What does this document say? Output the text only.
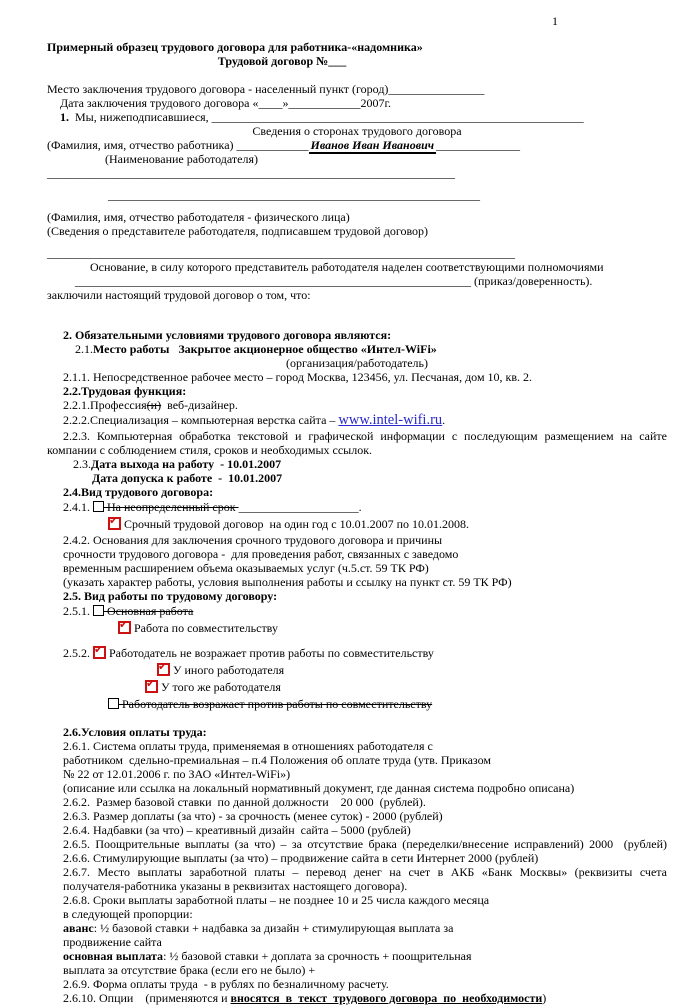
1
Примерный образец трудового договора для работника-«надомника»
Трудовой договор №___
Место заключения трудового договора - населенный пункт (город)________________
Дата заключения трудового договора «____»____________2007г.
1.  Мы, нижеподписавшиеся, ______________________________________________________________
Сведения о сторонах трудового договора
(Фамилия, имя, отчество работника) ____________ Иванов Иван Иванович ______________
(Наименование работодателя) ____________________________________________________________________
______________________________________________________________
(Фамилия, имя, отчество работодателя - физического лица)
(Сведения о представителе работодателя, подписавшем трудовой договор)
______________________________________________________________________________
Основание, в силу которого представитель работодателя наделен соответствующими полномочиями
__________________________________________________________________ (приказ/доверенность).
заключили настоящий трудовой договор о том, что:
2. Обязательными условиями трудового договора являются:
2.1.Место работы   Закрытое акционерное общество «Интел-WiFi»
(организация/работодатель)
2.1.1. Непосредственное рабочее место – город Москва, 123456, ул. Песчаная, дом 10, кв. 2.
2.2.Трудовая функция:
2.2.1.Профессия(и)  веб-дизайнер.
2.2.2.Специализация – компьютерная верстка сайта – www.intel-wifi.ru.
2.2.3. Компьютерная обработка текстовой и графической информации с последующим размещением на сайте
компании с соблюдением стиля, сроков и необходимых ссылок.
2.3.Дата выхода на работу  - 10.01.2007
Дата допуска к работе  -  10.01.2007
2.4.Вид трудового договора:
2.4.1.  На неопределенный срок ____________________.
✔ Срочный трудовой договор  на один год с 10.01.2007 по 10.01.2008.
2.4.2. Основания для заключения срочного трудового договора и причины
срочности трудового договора -  для проведения работ, связанных с заведомо
временным расширением объема оказываемых услуг (ч.5.ст. 59 ТК РФ)
(указать характер работы, условия выполнения работы и ссылку на пункт ст. 59 ТК РФ)
2.5. Вид работы по трудовому договору:
2.5.1.  Основная работа
✔ Работа по совместительству
2.5.2. ✔ Работодатель не возражает против работы по совместительству
✔ У иного работодателя
✔ У того же работодателя
Работодатель возражает против работы по совместительству
2.6.Условия оплаты труда:
2.6.1. Система оплаты труда, применяемая в отношениях работодателя с
работником  сдельно-премиальная – п.4 Положения об оплате труда (утв. Приказом
№ 22 от 12.01.2006 г. по ЗАО «Интел-WiFi»)
(описание или ссылка на локальный нормативный документ, где данная система подробно описана)
2.6.2.  Размер базовой ставки  по данной должности    20 000  (рублей).
2.6.3. Размер доплаты (за что) - за срочность (менее суток) - 2000 (рублей)
2.6.4. Надбавки (за что) – креативный дизайн  сайта – 5000 (рублей)
2.6.5. Поощрительные выплаты (за что) – за отсутствие брака (переделки/внесение исправлений) 2000  (рублей)
2.6.6. Стимулирующие выплаты (за что) – продвижение сайта в сети Интернет 2000 (рублей)
2.6.7. Место выплаты заработной платы – перевод денег на счет в АКБ «Банк Москвы» (реквизиты счета
получателя-работника указаны в реквизитах настоящего договора).
2.6.8. Сроки выплаты заработной платы – не позднее 10 и 25 числа каждого месяца
в следующей пропорции:
аванс: ½ базовой ставки + надбавка за дизайн + стимулирующая выплата за
продвижение сайта
основная выплата: ½ базовой ставки + доплата за срочность + поощрительная
выплата за отсутствие брака (если его не было) +
2.6.9. Форма оплаты труда  - в рублях по безналичному расчету.
2.6.10. Опции    (применяются и вносятся  в  текст  трудового договора  по  необходимости)
